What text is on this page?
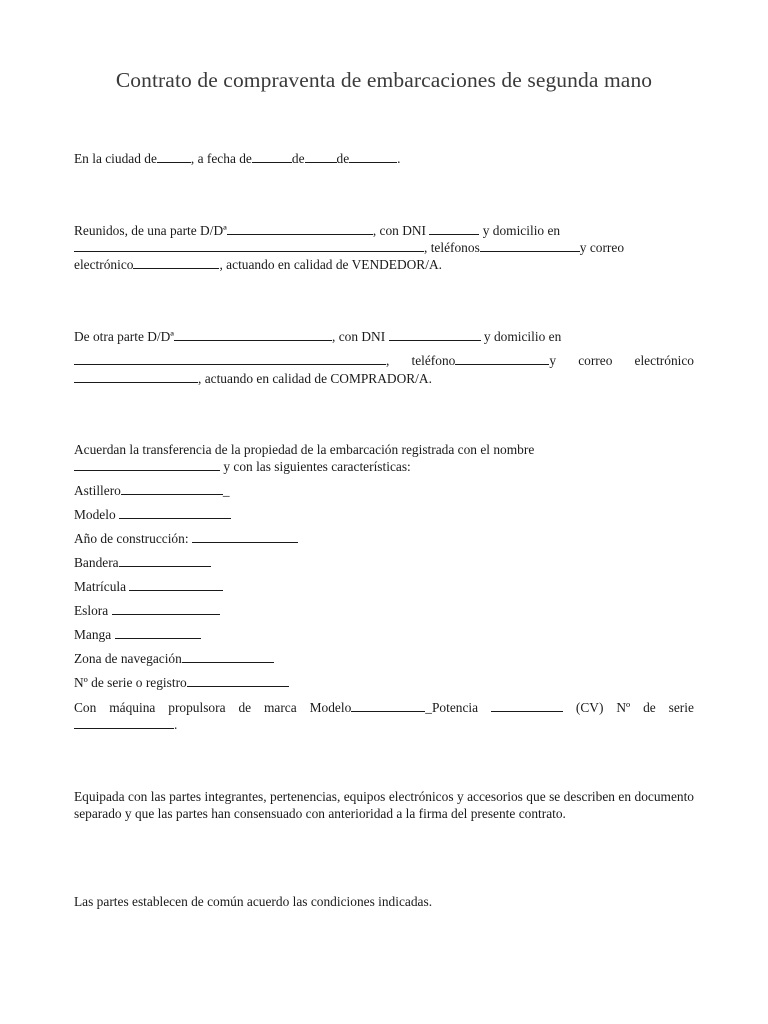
Contrato de compraventa de embarcaciones de segunda mano
En la ciudad de	, a fecha de	de de	.
Reunidos, de una parte D/Dª	, con DNI	y domicilio en
, teléfonos	y correo
electrónico	, actuando en calidad de VENDEDOR/A.
De otra parte D/Dª	, con DNI	y domicilio en
, teléfono	y correo electrónico
, actuando en calidad de COMPRADOR/A.
Acuerdan la transferencia de la propiedad de la embarcación registrada con el nombre
y con las siguientes características:
Astillero	_
Modelo
Año de construcción:
Bandera
Matrícula
Eslora
Manga
Zona de navegación
Nº de serie o registro
Con máquina propulsora de marca Modelo	_Potencia	(CV) Nº de serie
.
Equipada con las partes integrantes, pertenencias, equipos electrónicos y accesorios que se describen en documento separado y que las partes han consensuado con anterioridad a la firma del presente contrato.
Las partes establecen de común acuerdo las condiciones indicadas.
